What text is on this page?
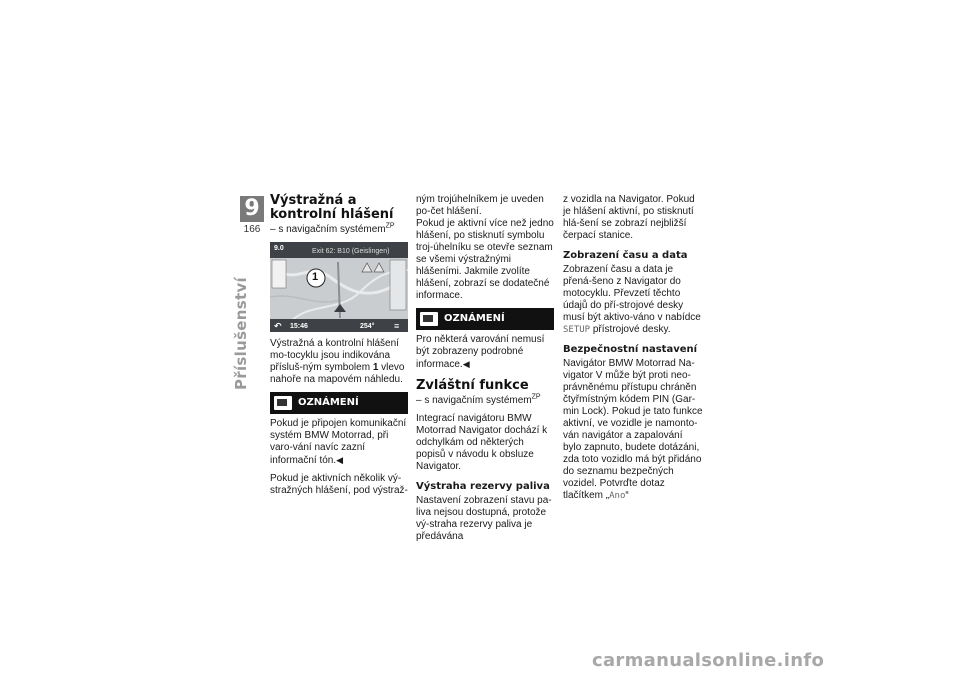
9
166
Příslušenství
Výstražná a kontrolní hlášení
– s navigačním systémem$^{ZP}$
9.0	Exit 62: B10 (Geislingen)
1
↶ 15:46	254° ≡

Výstražná a kontrolní hlášení mo-tocyklu jsou indikována přísluš-ným symbolem 1 vlevo nahoře na mapovém náhledu.

OZNÁMENÍ

Pokud je připojen komunikační systém BMW Motorrad, při varo-vání navíc zazní informační tón.◀

Pokud je aktivních několik vý-stražných hlášení, pod výstraž-

ným trojúhelníkem je uveden po-čet hlášení.

Pokud je aktivní více než jedno hlášení, po stisknutí symbolu troj-úhelníku se otevře seznam se všemi výstražnými hlášeními. Jakmile zvolíte hlášení, zobrazí se dodatečné informace.

OZNÁMENÍ

Pro některá varování nemusí být zobrazeny podrobné informace.◀

Zvláštní funkce
– s navigačním systémem$^{ZP}$

Integrací navigátoru BMW Motorrad Navigator dochází k odchylkám od některých popisů v návodu k obsluze Navigator.

Výstraha rezervy paliva

Nastavení zobrazení stavu pa-liva nejsou dostupná, protože vý-straha rezervy paliva je předávána

z vozidla na Navigator. Pokud je hlášení aktivní, po stisknutí hlá-šení se zobrazí nejbližší čerpací stanice.

Zobrazení času a data

Zobrazení času a data je přená-šeno z Navigator do motocyklu. Převzetí těchto údajů do pří-strojové desky musí být aktivo-váno v nabídce SETUP přístrojové desky.

Bezpečnostní nastavení

Navigátor BMW Motorrad Na-vigator V může být proti neo-právněnému přístupu chráněn čtyřmístným kódem PIN (Gar-min Lock). Pokud je tato funkce aktivní, ve vozidle je namonto-ván navigátor a zapalování bylo zapnuto, budete dotázáni, zda toto vozidlo má být přidáno do seznamu bezpečných vozidel. Potvrďte dotaz tlačítkem „Ano“

carmanualsonline.info
